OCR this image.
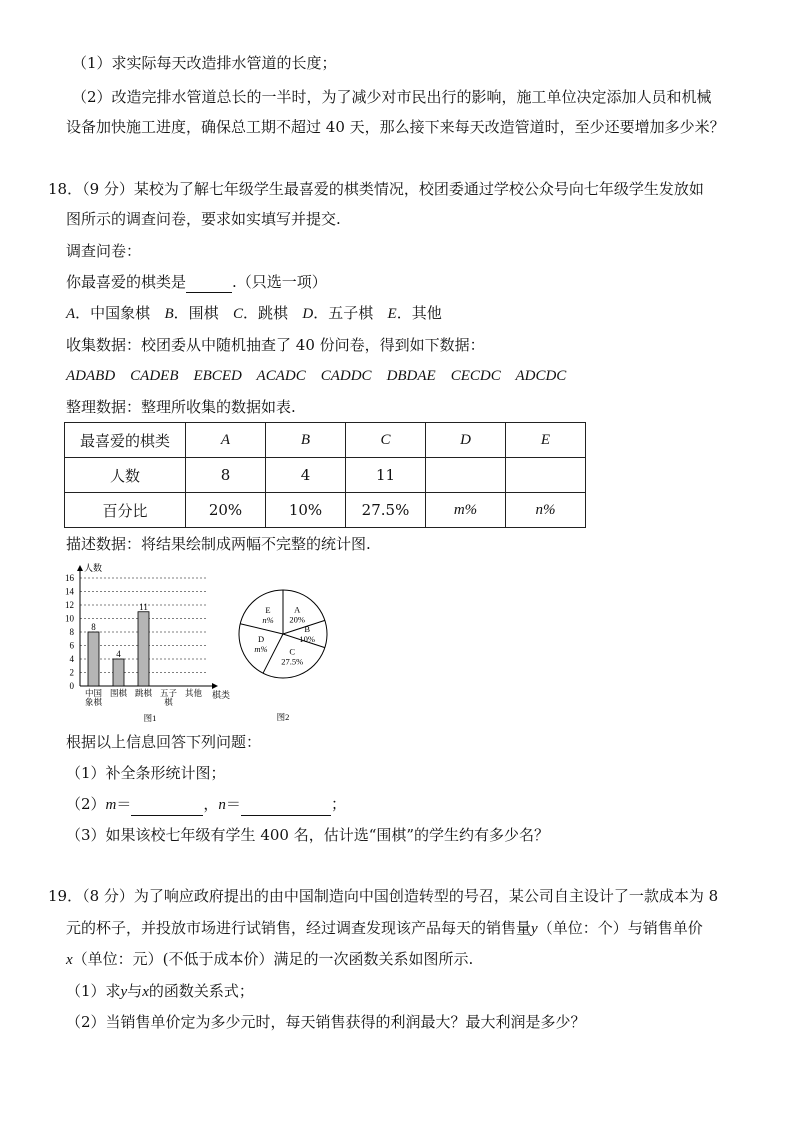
（1）求实际每天改造排水管道的长度；
（2）改造完排水管道总长的一半时，为了减少对市民出行的影响，施工单位决定添加人员和机械
设备加快施工进度，确保总工期不超过 40 天，那么接下来每天改造管道时，至少还要增加多少米？
18．（9 分）某校为了解七年级学生最喜爱的棋类情况，校团委通过学校公众号向七年级学生发放如
图所示的调查问卷，要求如实填写并提交.
调查问卷：
你最喜爱的棋类是	.（只选一项）
A．中国象棋 B．围棋 C．跳棋 D．五子棋 E．其他
收集数据：校团委从中随机抽查了 40 份问卷，得到如下数据：
ADABD CADEB EBCED ACADC CADDC DBDAE CECDC ADCDC
整理数据：整理所收集的数据如表.
最喜爱的棋类	A	B	C	D	E
人数	8	4	11		
百分比	20%	10%	27.5%	m%	n%
描述数据：将结果绘制成两幅不完整的统计图.
0
2
4
6
8
10
12
14
16
人数
棋类
8
中国
象棋
4
围棋
11
跳棋 五子
棋
其他
图1
A
20%
B
10%
C
27.5%
D
m%
E
n%
图2
根据以上信息回答下列问题：
（1）补全条形统计图；
（2）m＝	，n＝	；
（3）如果该校七年级有学生 400 名，估计选“围棋”的学生约有多少名？
19．（8 分）为了响应政府提出的由中国制造向中国创造转型的号召，某公司自主设计了一款成本为 8
元的杯子，并投放市场进行试销售，经过调查发现该产品每天的销售量y（单位：个）与销售单价
x（单位：元）(不低于成本价）满足的一次函数关系如图所示.
（1）求y与x的函数关系式；
（2）当销售单价定为多少元时，每天销售获得的利润最大？最大利润是多少？
